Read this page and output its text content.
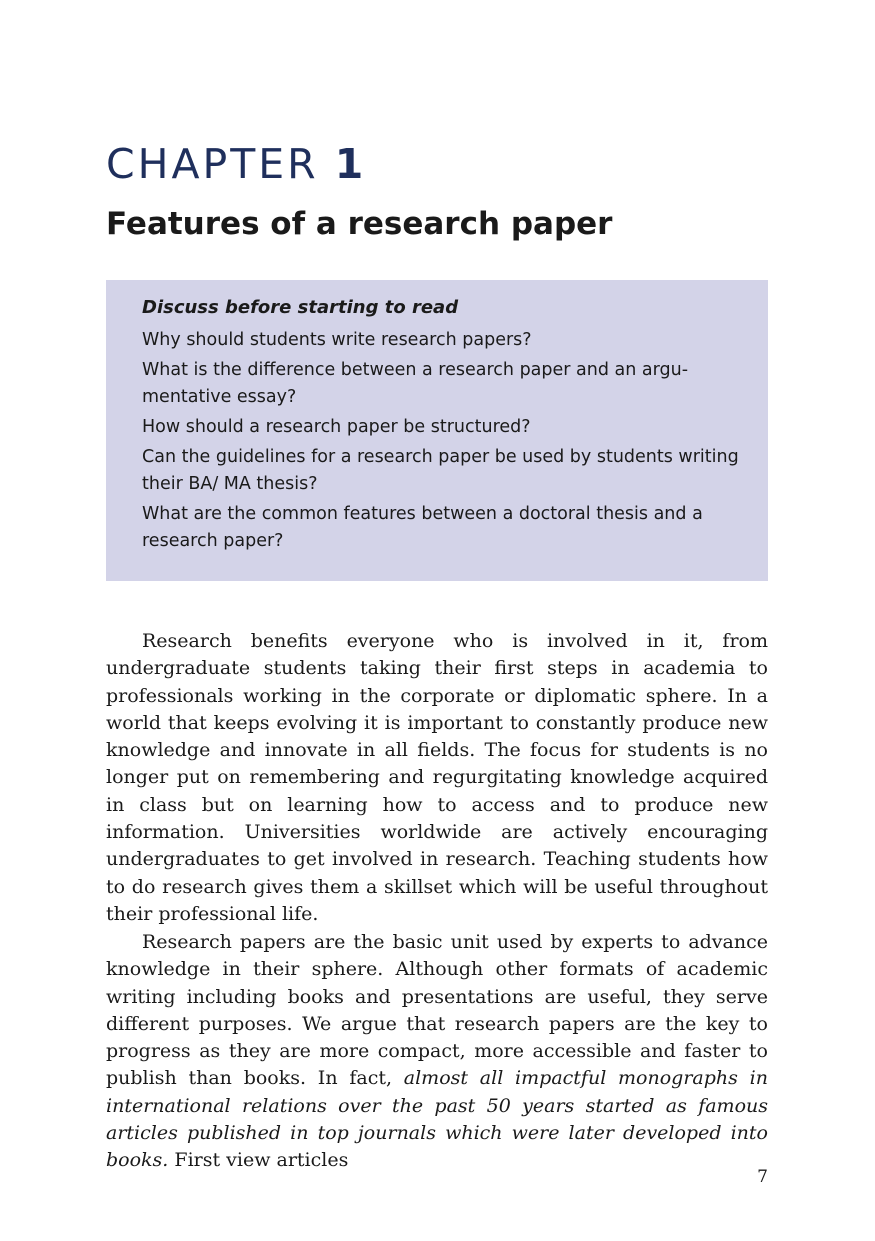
CHAPTER 1
Features of a research paper

Discuss before starting to read

Why should students write research papers?
What is the difference between a research paper and an argumentative essay?
How should a research paper be structured?
Can the guidelines for a research paper be used by students writing their BA/ MA thesis?
What are the common features between a doctoral thesis and a research paper?

Research benefits everyone who is involved in it, from undergraduate students taking their first steps in academia to professionals working in the corporate or diplomatic sphere. In a world that keeps evolving it is important to constantly produce new knowledge and innovate in all fields. The focus for students is no longer put on remembering and regurgitating knowledge acquired in class but on learning how to access and to produce new information. Universities worldwide are actively encouraging undergraduates to get involved in research. Teaching students how to do research gives them a skillset which will be useful throughout their professional life.

Research papers are the basic unit used by experts to advance knowledge in their sphere. Although other formats of academic writing including books and presentations are useful, they serve different purposes. We argue that research papers are the key to progress as they are more compact, more accessible and faster to publish than books. In fact, almost all impactful monographs in international relations over the past 50 years started as famous articles published in top journals which were later developed into books. First view articles

7
